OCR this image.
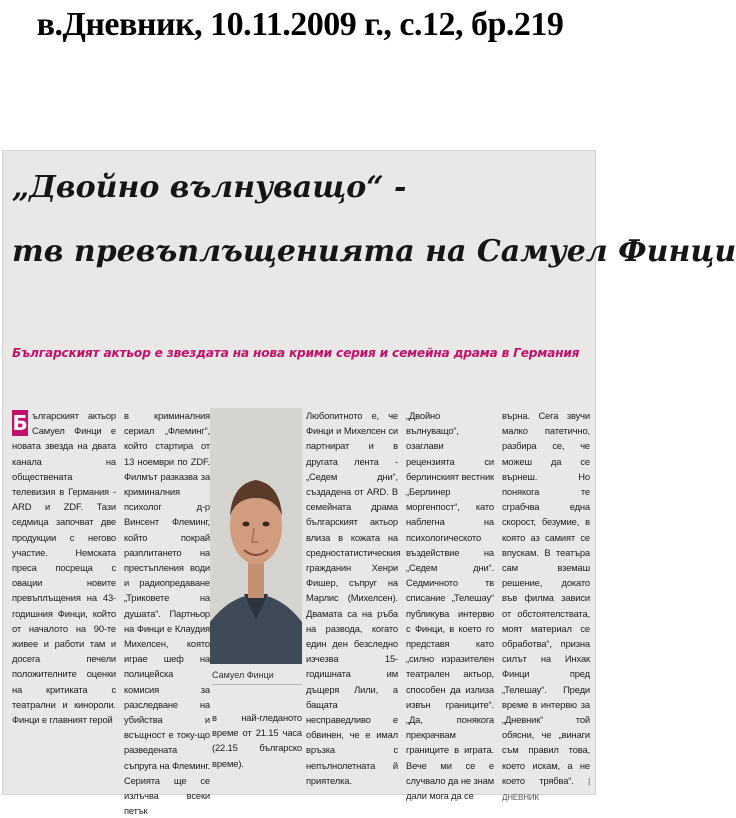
в.Дневник, 10.11.2009 г., с.12, бр.219
„Двойно вълнуващо“ -
тв превъплъщенията на Самуел Финци
Българският актьор е звездата на нова крими серия и семейна драма в Германия
Б ългарският актьор Самуел Финци е новата звезда на двата канала на обществената телевизия в Германия - ARD и ZDF. Тази седмица започват две продукции с негово участие. Немската преса посреща с овации новите превъплъщения на 43-годишния Финци, който от началото на 90-те живее и работи там и досега печели положителните оценки на критиката с театрални и кинороли. Финци е главният герой
в криминалния сериал „Флеминг“, който стартира от 13 ноември по ZDF. Филмът разказва за криминалния психолог д-р Винсент Флеминг, който покрай разплитането на престъпления води и радиопредаване „Триковете на душата“. Партньор на Финци е Клаудия Михелсен, която играе шеф на полицейска комисия за разследване на убийства и всъщност е току-що разведената съпруга на Флеминг. Серията ще се излъчва всеки петък
Самуел Финци
в най-гледаното време от 21.15 часа (22.15 българско време).
Любопитното е, че Финци и Михелсен си партнират и в другата лента - „Седем дни“, създадена от ARD. В семейната драма българският актьор влиза в кожата на средностатистическия гражданин Хенри Фишер, съпруг на Марлис (Михелсен). Двамата са на ръба на развода, когато един ден безследно изчезва 15-годишната им дъщеря Лили, а бащата несправедливо е обвинен, че е имал връзка с непълнолетната й приятелка.
„Двойно вълнуващо“, озаглави рецензията си берлинският вестник „Берлинер моргенпост“, като наблегна на психологическото въздействие на „Седем дни“. Седмичното тв списание „Телешау“ публикува интервю с Финци, в което го представя като „силно изразителен театрален актьор, способен да излиза извън границите“. „Да, понякога прекрачвам границите в играта. Вече ми се е случвало да не знам дали мога да се
върна. Сега звучи малко патетично, разбира се, че можеш да се върнеш. Но понякога те сграбчва една скорост, безумие, в която аз самият се впускам. В театъра сам вземаш решение, докато във филма зависи от обстоятелствата, моят материал се обработва“, призна силът на Инхак Финци пред „Телешау“. Преди време в интервю за „Дневник“ той обясни, че „винаги съм правил това, което искам, а не което трябва“. | ДНЕВНИК
